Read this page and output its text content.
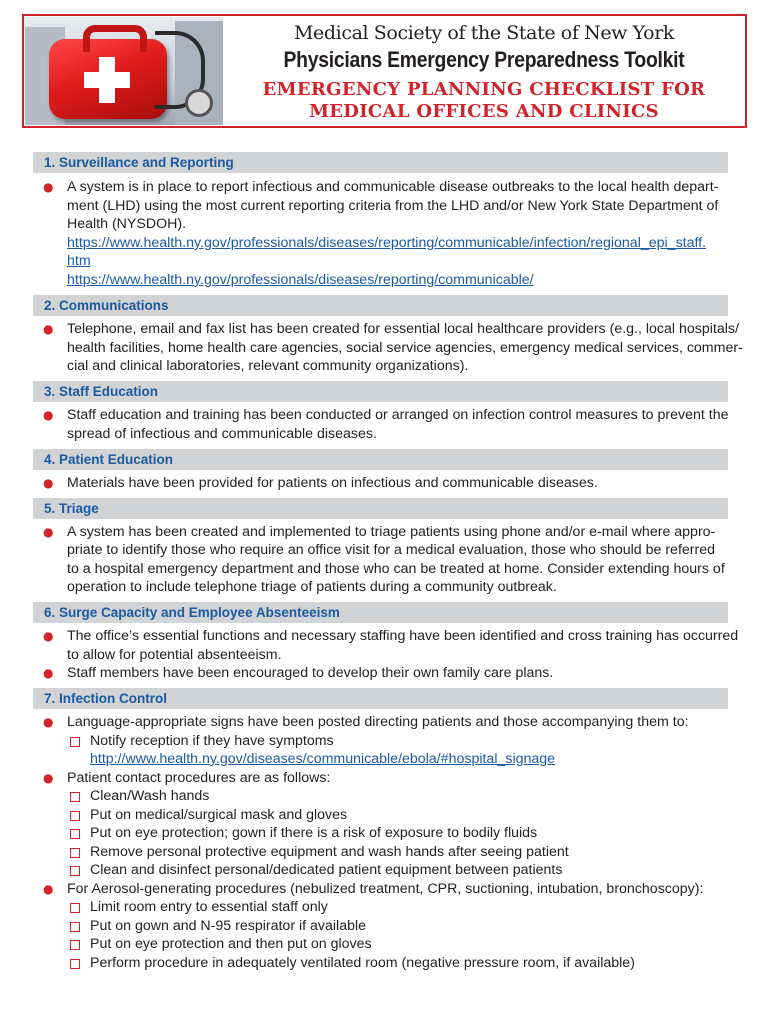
Medical Society of the State of New York
Physicians Emergency Preparedness Toolkit
EMERGENCY PLANNING CHECKLIST FOR
MEDICAL OFFICES AND CLINICS
1. Surveillance and Reporting
● A system is in place to report infectious and communicable disease outbreaks to the local health depart-
ment (LHD) using the most current reporting criteria from the LHD and/or New York State Department of
Health (NYSDOH).
https://www.health.ny.gov/professionals/diseases/reporting/communicable/infection/regional_epi_staff.
htm
https://www.health.ny.gov/professionals/diseases/reporting/communicable/
2. Communications
● Telephone, email and fax list has been created for essential local healthcare providers (e.g., local hospitals/
health facilities, home health care agencies, social service agencies, emergency medical services, commer-
cial and clinical laboratories, relevant community organizations).
3. Staff Education
● Staff education and training has been conducted or arranged on infection control measures to prevent the
spread of infectious and communicable diseases.
4. Patient Education
● Materials have been provided for patients on infectious and communicable diseases.
5. Triage
● A system has been created and implemented to triage patients using phone and/or e-mail where appro-
priate to identify those who require an office visit for a medical evaluation, those who should be referred
to a hospital emergency department and those who can be treated at home. Consider extending hours of
operation to include telephone triage of patients during a community outbreak.
6. Surge Capacity and Employee Absenteeism
● The office’s essential functions and necessary staffing have been identified and cross training has occurred
to allow for potential absenteeism.
● Staff members have been encouraged to develop their own family care plans.
7. Infection Control
● Language-appropriate signs have been posted directing patients and those accompanying them to:
Notify reception if they have symptoms
http://www.health.ny.gov/diseases/communicable/ebola/#hospital_signage
● Patient contact procedures are as follows:
Clean/Wash hands
Put on medical/surgical mask and gloves
Put on eye protection; gown if there is a risk of exposure to bodily fluids
Remove personal protective equipment and wash hands after seeing patient
Clean and disinfect personal/dedicated patient equipment between patients
● For Aerosol-generating procedures (nebulized treatment, CPR, suctioning, intubation, bronchoscopy):
Limit room entry to essential staff only
Put on gown and N-95 respirator if available
Put on eye protection and then put on gloves
Perform procedure in adequately ventilated room (negative pressure room, if available)
